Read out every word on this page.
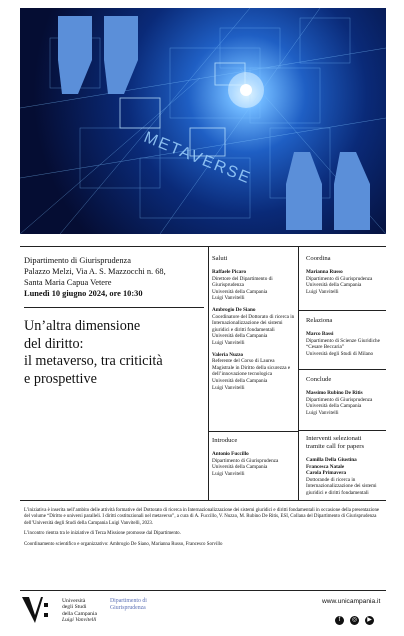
METAVERSE
Dipartimento di Giurisprudenza
Palazzo Melzi, Via A. S. Mazzocchi n. 68,
Santa Maria Capua Vetere
Lunedì 10 giugno 2024, ore 10:30
Un’altra dimensione
del diritto:
il metaverso, tra criticità
e prospettive
Saluti
Raffaele Picaro
Direttore del Dipartimento di Giurisprudenza
Università della Campania
Luigi Vanvitelli
Ambrogio De Siano
Coordinatore del Dottorato di ricerca in Internazionalizzazione dei sistemi giuridici e diritti fondamentali
Università della Campania
Luigi Vanvitelli
Valeria Nuzzo
Referente del Corso di Laurea Magistrale in Diritto della sicurezza e dell’innovazione tecnologica
Università della Campania
Luigi Vanvitelli
Introduce
Antonio Fuccillo
Dipartimento di Giurisprudenza
Università della Campania
Luigi Vanvitelli
Coordina
Marianna Russo
Dipartimento di Giurisprudenza
Università della Campania
Luigi Vanvitelli
Relaziona
Marco Bassi
Dipartimento di Scienze Giuridiche “Cesare Beccaria”
Università degli Studi di Milano
Conclude
Massimo Rubino De Ritis
Dipartimento di Giurisprudenza
Università della Campania
Luigi Vanvitelli
Interventi selezionati
tramite call for papers
Camilla Della Giustina
Francesca Natale
Carola Primavera
Dottorande di ricerca in Internazionalizzazione dei sistemi giuridici e diritti fondamentali

L’iniziativa è inserita nell’ambito delle attività formative del Dottorato di ricerca in Internazionalizzazione dei sistemi giuridici e diritti fondamentali in occasione della presentazione del volume “Diritto e universi paralleli. I diritti costituzionali nel metaverso”, a cura di A. Fuccillo, V. Nuzzo, M. Rubino De Ritis, ESI, Collana del Dipartimento di Giurisprudenza dell’Università degli Studi della Campania Luigi Vanvitelli, 2023.

L’incontro rientra tra le iniziative di Terza Missione promosse dal Dipartimento.

Coordinamento scientifico e organizzativo: Ambrogio De Siano, Marianna Russo, Francesco Sorvillo

Università
degli Studi
della Campania
Luigi Vanvitelli
Dipartimento di
Giurisprudenza
www.unicampania.it
f ◎ ▶
